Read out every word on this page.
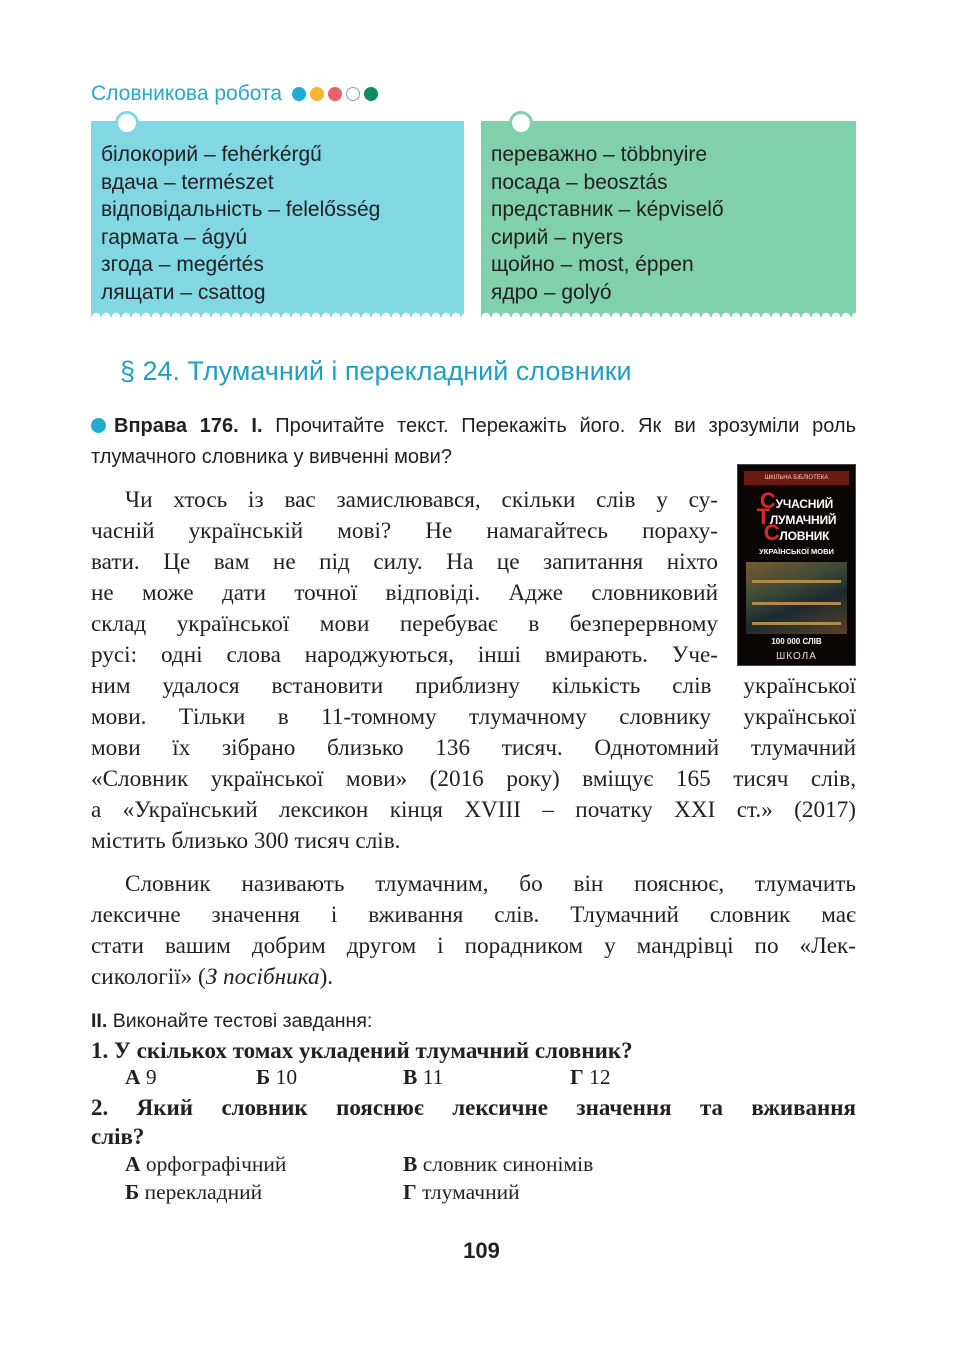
Словникова робота
білокорий – fehérkérgű
вдача – természet
відповідальність – felelősség
гармата – ágyú
згода – megértés
лящати – csattog
переважно – többnyire
посада – beosztás
представник – képviselő
сирий – nyers
щойно – most, éppen
ядро – golyó
§ 24. Тлумачний і перекладний словники
Вправа 176. І. Прочитайте текст. Перекажіть його. Як ви зрозуміли роль тлумачного словника у вивченні мови?
ШКІЛЬНА БІБЛІОТЕКА
СУЧАСНИЙ
ТЛУМАЧНИЙ
СЛОВНИК
УКРАЇНСЬКОЇ МОВИ
100 000 СЛІВ
ШКОЛА

Чи хтось із вас замислювався, скільки слів у су-

часній українській мові? Не намагайтесь пораху-

вати. Це вам не під силу. На це запитання ніхто

не може дати точної відповіді. Адже словниковий

склад української мови перебуває в безперервному

русі: одні слова народжуються, інші вмирають. Уче-

ним удалося встановити приблизну кількість слів української

мови. Тільки в 11-томному тлумачному словнику української

мови їх зібрано близько 136 тисяч. Однотомний тлумачний

«Словник української мови» (2016 року) вміщує 165 тисяч слів,

а «Український лексикон кінця XVIII – початку XXI ст.» (2017)

містить близько 300 тисяч слів.

Словник називають тлумачним, бо він пояснює, тлумачить

лексичне значення і вживання слів. Тлумачний словник має

стати вашим добрим другом і порадником у мандрівці по «Лек-

сикології» (З посібника).

ІІ. Виконайте тестові завдання:
1. У скількох томах укладений тлумачний словник?
А 9	Б 10	В 11	Г 12
2. Який словник пояснює лексичне значення та вживання
слів?
А орфографічний	В словник синонімів
Б перекладний	Г тлумачний
109
